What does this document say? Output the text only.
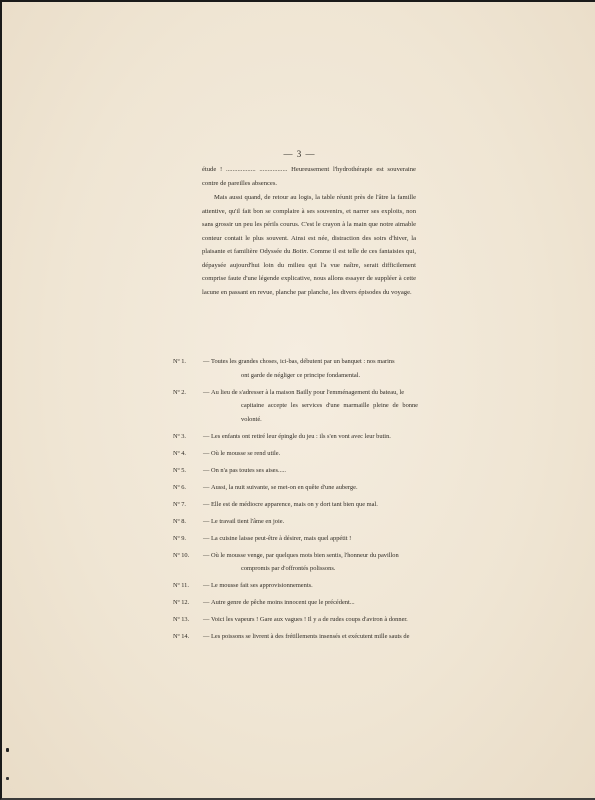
— 3 —
étude ! .................. ................. Heureusement l'hydrothérapie est souveraine contre de pareilles absences.
Mais aussi quand, de retour au logis, la table réunit près de l'âtre la famille attentive, qu'il fait bon se complaire à ses souvenirs, et narrer ses exploits, non sans grossir un peu les périls courus. C'est le crayon à la main que notre aimable conteur contait le plus souvent. Ainsi est née, distraction des soirs d'hiver, la plaisante et familière Odyssée du Botin. Comme il est telle de ces fantaisies qui, dépaysée aujourd'hui loin du milieu qui l'a vue naître, serait difficilement comprise faute d'une légende explicative, nous allons essayer de suppléer à cette lacune en passant en revue, planche par planche, les divers épisodes du voyage.
Nº 1.	— Toutes les grandes choses, ici-bas, débutent par un banquet : nos marins
ont garde de négliger ce principe fondamental.
Nº 2.	— Au lieu de s'adresser à la maison Bailly pour l'emménagement du bateau, le
capitaine accepte les services d'une marmaille pleine de bonne volonté.
Nº 3.	— Les enfants ont retiré leur épingle du jeu : ils s'en vont avec leur butin.
Nº 4.	— Où le mousse se rend utile.
Nº 5.	— On n'a pas toutes ses aises.....
Nº 6.	— Aussi, la nuit suivante, se met-on en quête d'une auberge.
Nº 7.	— Elle est de médiocre apparence, mais on y dort tant bien que mal.
Nº 8.	— Le travail tient l'âme en joie.
Nº 9.	— La cuisine laisse peut-être à désirer, mais quel appétit !
Nº 10.	— Où le mousse venge, par quelques mots bien sentis, l'honneur du pavillon
compromis par d'offrontés polissons.
Nº 11.	— Le mousse fait ses approvisionnements.
Nº 12.	— Autre genre de pêche moins innocent que le précédent...
Nº 13.	— Voici les vapeurs ! Gare aux vagues ! Il y a de rudes coups d'aviron à donner.
Nº 14.	— Les poissons se livrent à des frétillements insensés et exécutent mille sauts de
